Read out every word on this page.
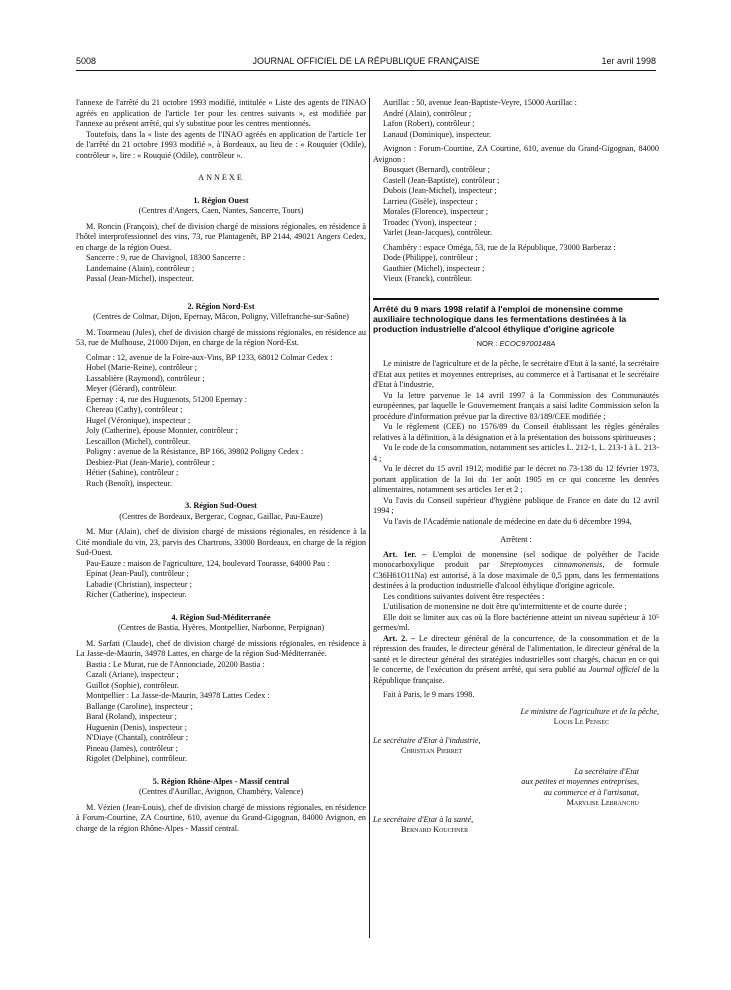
5008	JOURNAL OFFICIEL DE LA RÉPUBLIQUE FRANÇAISE	1er avril 1998

l'annexe de l'arrêté du 21 octobre 1993 modifié, intitulée « Liste des agents de l'INAO agréés en application de l'article 1er pour les centres suivants », est modifiée par l'annexe au présent arrêté, qui s'y substitue pour les centres mentionnés.

Toutefois, dans la « liste des agents de l'INAO agréés en application de l'article 1er de l'arrêté du 21 octobre 1993 modifié », à Bordeaux, au lieu de : « Rouquier (Odile), contrôleur », lire : « Rouquié (Odile), contrôleur ».

ANNEXE
1. Région Ouest
(Centres d'Angers, Caen, Nantes, Sancerre, Tours)

M. Roncin (François), chef de division chargé de missions régionales, en résidence à l'hôtel interprofessionnel des vins, 73, rue Plantagenêt, BP 2144, 49021 Angers Cedex, en charge de la région Ouest.

Sancerre : 9, rue de Chavignol, 18300 Sancerre :

Landemaine (Alain), contrôleur ;

Passal (Jean-Michel), inspecteur.

2. Région Nord-Est
(Centres de Colmar, Dijon, Epernay, Mâcon, Poligny, Villefranche-sur-Saône)

M. Tourmeau (Jules), chef de division chargé de missions régionales, en résidence au 53, rue de Mulhouse, 21000 Dijon, en charge de la région Nord-Est.

Colmar : 12, avenue de la Foire-aux-Vins, BP 1233, 68012 Colmar Cedex :

Hobel (Marie-Reine), contrôleur ;

Lassablière (Raymond), contrôleur ;

Meyer (Gérard), contrôleur.

Epernay : 4, rue des Huguenots, 51200 Epernay :

Chereau (Cathy), contrôleur ;

Hugel (Véronique), inspecteur ;

Joly (Catherine), épouse Monnier, contrôleur ;

Lescaillon (Michel), contrôleur.

Poligny : avenue de la Résistance, BP 166, 39802 Poligny Cedex :

Desbiez-Piat (Jean-Marie), contrôleur ;

Hétier (Sabine), contrôleur ;

Ruch (Benoît), inspecteur.

3. Région Sud-Ouest
(Centres de Bordeaux, Bergerac, Cognac, Gaillac, Pau-Eauze)

M. Mur (Alain), chef de division chargé de missions régionales, en résidence à la Cité mondiale du vin, 23, parvis des Chartrons, 33000 Bordeaux, en charge de la région Sud-Ouest.

Pau-Eauze : maison de l'agriculture, 124, boulevard Tourasse, 64000 Pau :

Epinat (Jean-Paul), contrôleur ;

Labadie (Christian), inspecteur ;

Richer (Catherine), inspecteur.

4. Région Sud-Méditerranée
(Centres de Bastia, Hyères, Montpellier, Narbonne, Perpignan)

M. Sarfati (Claude), chef de division chargé de missions régionales, en résidence à La Jasse-de-Maurin, 34978 Lattes, en charge de la région Sud-Méditerranée.

Bastia : Le Murat, rue de l'Annonciade, 20200 Bastia :

Cazali (Ariane), inspecteur ;

Guillot (Sophie), contrôleur.

Montpellier : La Jasse-de-Maurin, 34978 Lattes Cedex :

Ballange (Caroline), inspecteur ;

Baral (Roland), inspecteur ;

Huguenin (Denis), inspecteur ;

N'Diaye (Chantal), contrôleur ;

Pineau (James), contrôleur ;

Rigolet (Delphine), contrôleur.

5. Région Rhône-Alpes - Massif central
(Centres d'Aurillac, Avignon, Chambéry, Valence)

M. Vézien (Jean-Louis), chef de division chargé de missions régionales, en résidence à Forum-Courtine, ZA Courtine, 610, avenue du Grand-Gigognan, 84000 Avignon, en charge de la région Rhône-Alpes - Massif central.

Aurillac : 50, avenue Jean-Baptiste-Veyre, 15000 Aurillac :

André (Alain), contrôleur ;

Lafon (Robert), contrôleur ;

Lanaud (Dominique), inspecteur.

Avignon : Forum-Courtine, ZA Courtine, 610, avenue du Grand-Gigognan, 84000 Avignon :

Bousquet (Bernard), contrôleur ;

Castell (Jean-Baptiste), contrôleur ;

Dubois (Jean-Michel), inspecteur ;

Larrieu (Gisèle), inspecteur ;

Morales (Florence), inspecteur ;

Troadec (Yvon), inspecteur ;

Varlet (Jean-Jacques), contrôleur.

Chambéry : espace Oméga, 53, rue de la République, 73000 Barberaz :

Dode (Philippe), contrôleur ;

Gauthier (Michel), inspecteur ;

Vieux (Franck), contrôleur.

Arrêté du 9 mars 1998 relatif à l'emploi de monensine comme auxiliaire technologique dans les fermentations destinées à la production industrielle d'alcool éthylique d'origine agricole
NOR : ECOC9700148A

Le ministre de l'agriculture et de la pêche, le secrétaire d'Etat à la santé, la secrétaire d'Etat aux petites et moyennes entreprises, au commerce et à l'artisanat et le secrétaire d'Etat à l'industrie,

Vu la lettre parvenue le 14 avril 1997 à la Commission des Communautés européennes, par laquelle le Gouvernement français a saisi ladite Commission selon la procédure d'information prévue par la directive 83/189/CEE modifiée ;

Vu le règlement (CEE) no 1576/89 du Conseil établissant les règles générales relatives à la définition, à la désignation et à la présentation des boissons spiritueuses ;

Vu le code de la consommation, notamment ses articles L. 212-1, L. 213-1 à L. 213-4 ;

Vu le décret du 15 avril 1912, modifié par le décret no 73-138 du 12 février 1973, portant application de la loi du 1er août 1905 en ce qui concerne les denrées alimentaires, notamment ses articles 1er et 2 ;

Vu l'avis du Conseil supérieur d'hygiène publique de France en date du 12 avril 1994 ;

Vu l'avis de l'Académie nationale de médecine en date du 6 décembre 1994,

Arrêtent :

Art. 1er. – L'emploi de monensine (sel sodique de polyéther de l'acide monocarboxylique produit par Streptomyces cinnamonensis, de formule C36H61O11Na) est autorisé, à la dose maximale de 0,5 ppm, dans les fermentations destinées à la production industrielle d'alcool éthylique d'origine agricole.

Les conditions suivantes doivent être respectées :

L'utilisation de monensine ne doit être qu'intermittente et de courte durée ;

Elle doit se limiter aux cas où la flore bactérienne atteint un niveau supérieur à 10⁵ germes/ml.

Art. 2. – Le directeur général de la concurrence, de la consommation et de la répression des fraudes, le directeur général de l'alimentation, le directeur général de la santé et le directeur général des stratégies industrielles sont chargés, chacun en ce qui le concerne, de l'exécution du présent arrêté, qui sera publié au Journal officiel de la République française.

Fait à Paris, le 9 mars 1998.

Le ministre de l'agriculture et de la pêche,
Louis Le Pensec
Le secrétaire d'Etat à l'industrie,
Christian Pierret
La secrétaire d'Etat
aux petites et moyennes entreprises,
au commerce et à l'artisanat,
Marylise Lebranchu
Le secrétaire d'Etat à la santé,
Bernard Kouchner
